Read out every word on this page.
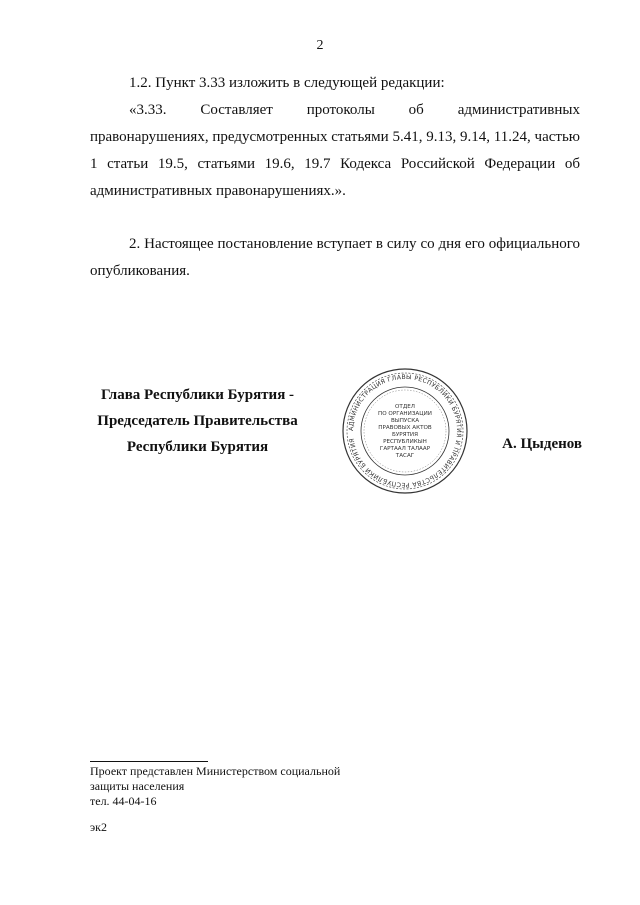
2
1.2. Пункт 3.33 изложить в следующей редакции:
«3.33. Составляет протоколы об административных правонарушениях, предусмотренных статьями 5.41, 9.13, 9.14, 11.24, частью 1 статьи 19.5, статьями 19.6, 19.7 Кодекса Российской Федерации об административных правонарушениях.».
2. Настоящее постановление вступает в силу со дня его официального опубликования.
Глава Республики Бурятия -
Председатель Правительства
Республики Бурятия
АДМИНИСТРАЦИЯ ГЛАВЫ РЕСПУБЛИКИ БУРЯТИЯ И ПРАВИТЕЛЬСТВА РЕСПУБЛИКИ БУРЯТИЯ
ОТДЕЛ
ПО ОРГАНИЗАЦИИ
ВЫПУСКА
ПРАВОВЫХ АКТОВ
БУРЯТИЯ
РЕСПУБЛИКЫН
ГАРТААЛ ТАЛААР
ТАСАГ
А. Цыденов
Проект представлен Министерством социальной
защиты населения
тел. 44-04-16
эк2
